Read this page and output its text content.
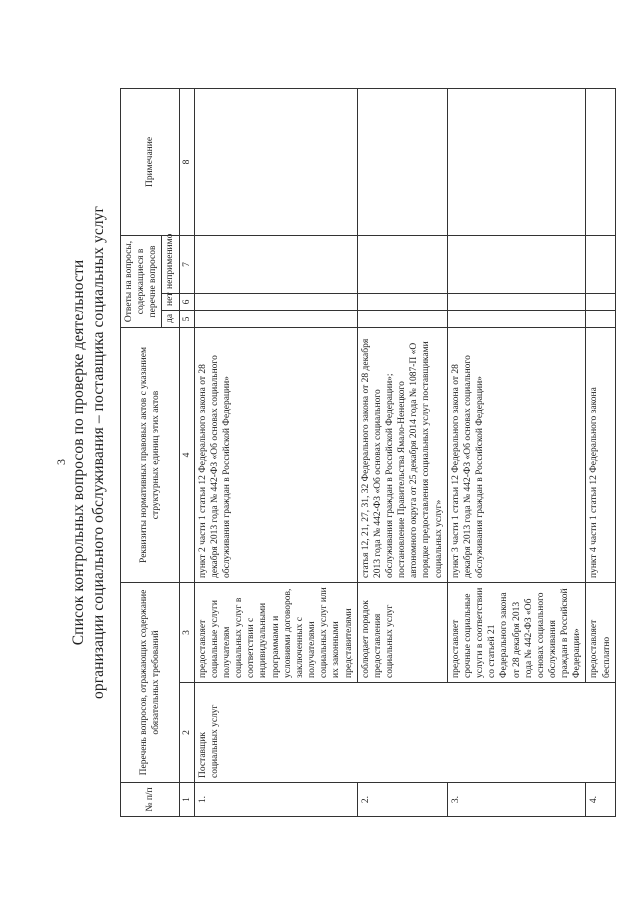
3 Список контрольных вопросов по проверке деятельности организации социального обслуживания – поставщика социальных услуг
№ п/п	Перечень вопросов, отражающих содержание обязательных требований		Реквизиты нормативных правовых актов с указанием структурных единиц этих актов	Ответы на вопросы, содержащиеся в перечне вопросов			Примечание
				да	нет	неприменимо	
1	2	3	4	5	6	7	8
1.	Поставщик социальных услуг	предоставляет социальные услуги получателям социальных услуг в соответствии с индивидуальными программами и условиями договоров, заключенных с получателями социальных услуг или их законными представителями	пункт 2 части 1 статьи 12 Федерального закона от 28 декабря 2013 года № 442-ФЗ «Об основах социального обслуживания граждан в Российской Федерации»				
2.		соблюдает порядок предоставления социальных услуг	статья 12, 21, 27, 31, 32 Федерального закона от 28 декабря 2013 года № 442-ФЗ «Об основах социального обслуживания граждан в Российской Федерации»; постановление Правительства Ямало-Ненецкого автономного округа от 25 декабря 2014 года № 1087-П «О порядке предоставления социальных услуг поставщиками социальных услуг»				
3.		предоставляет срочные социальные услуги в соответствии со статьей 21 Федерального закона от 28 декабря 2013 года № 442-ФЗ «Об основах социального обслуживания граждан в Российской Федерации»	пункт 3 части 1 статьи 12 Федерального закона от 28 декабря 2013 года № 442-ФЗ «Об основах социального обслуживания граждан в Российской Федерации»				
4.		предоставляет бесплатно	пункт 4 части 1 статьи 12 Федерального закона				
